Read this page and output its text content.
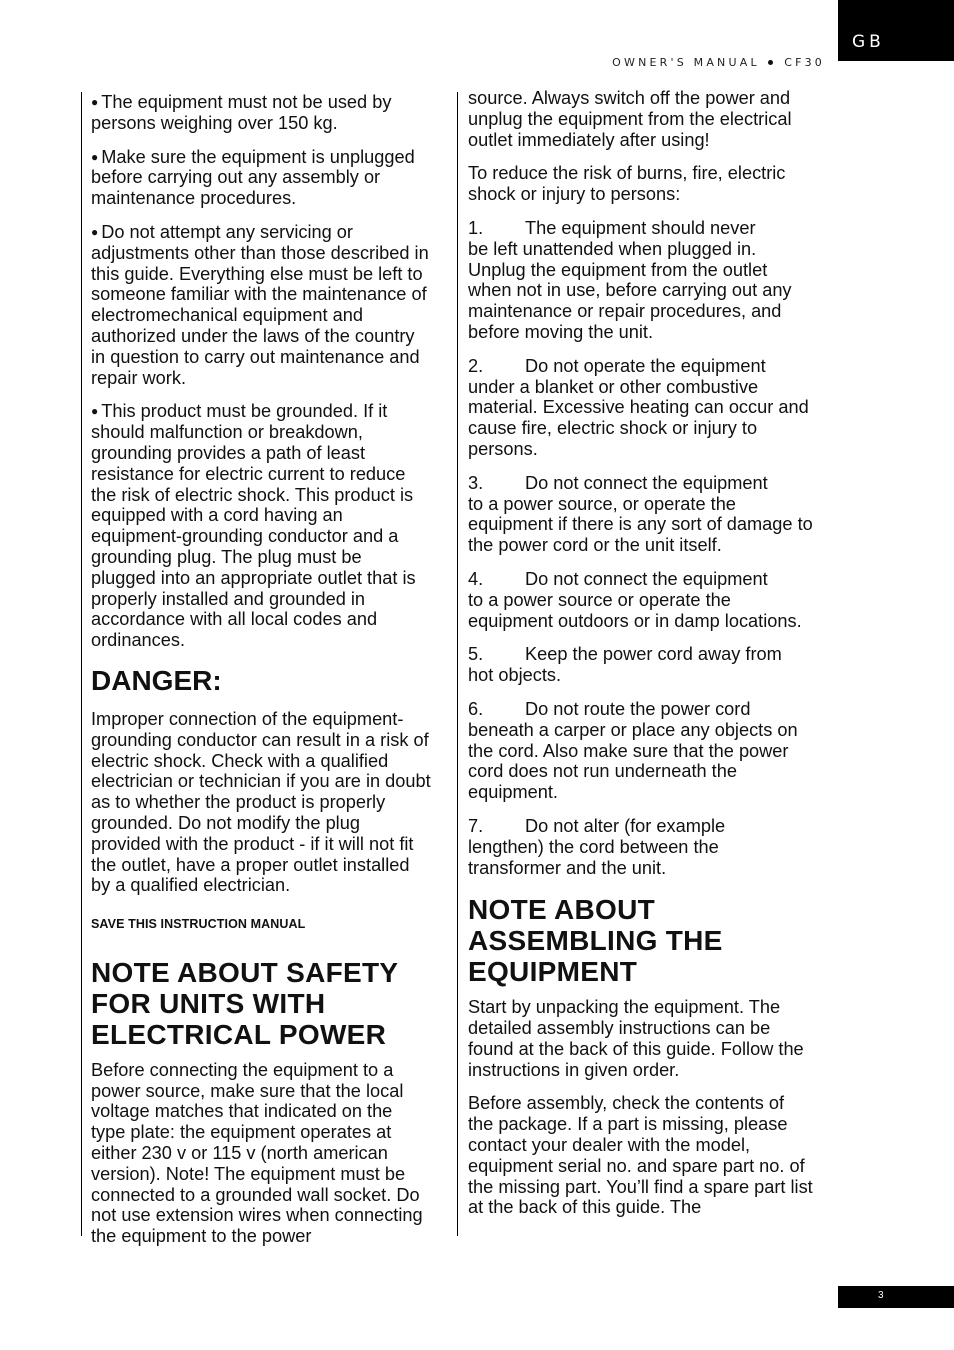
GB
OWNER'S MANUAL CF30

● The equipment must not be used by persons weighing over 150 kg.

● Make sure the equipment is unplugged before carrying out any assembly or maintenance procedures.

● Do not attempt any servicing or adjustments other than those described in this guide. Everything else must be left to someone familiar with the maintenance of electromechanical equipment and authorized under the laws of the country in question to carry out maintenance and repair work.

● This product must be grounded. If it should malfunction or breakdown, grounding provides a path of least resistance for electric current to reduce the risk of electric shock. This product is equipped with a cord having an equipment-grounding conductor and a grounding plug. The plug must be plugged into an appropriate outlet that is properly installed and grounded in accordance with all local codes and ordinances.

DANGER:

Improper connection of the equipment-grounding conductor can result in a risk of electric shock. Check with a qualified electrician or technician if you are in doubt as to whether the product is properly grounded. Do not modify the plug provided with the product - if it will not fit the outlet, have a proper outlet installed by a qualified electrician.

SAVE THIS INSTRUCTION MANUAL
NOTE ABOUT SAFETY FOR UNITS WITH ELECTRICAL POWER

Before connecting the equipment to a power source, make sure that the local voltage matches that indicated on the type plate: the equipment operates at either 230 v or 115 v (north american version). Note! The equipment must be connected to a grounded wall socket. Do not use extension wires when connecting the equipment to the power

source. Always switch off the power and unplug the equipment from the electrical outlet immediately after using!

To reduce the risk of burns, fire, electric shock or injury to persons:

1. The equipment should never
be left unattended when plugged in. Unplug the equipment from the outlet when not in use, before carrying out any maintenance or repair procedures, and before moving the unit.

2. Do not operate the equipment
under a blanket or other combustive material. Excessive heating can occur and cause fire, electric shock or injury to persons.

3. Do not connect the equipment
to a power source, or operate the equipment if there is any sort of damage to the power cord or the unit itself.

4. Do not connect the equipment
to a power source or operate the equipment outdoors or in damp locations.

5. Keep the power cord away from
hot objects.

6. Do not route the power cord
beneath a carper or place any objects on the cord. Also make sure that the power cord does not run underneath the equipment.

7. Do not alter (for example
lengthen) the cord between the transformer and the unit.

NOTE ABOUT ASSEMBLING THE EQUIPMENT

Start by unpacking the equipment. The detailed assembly instructions can be found at the back of this guide. Follow the instructions in given order.

Before assembly, check the contents of the package. If a part is missing, please contact your dealer with the model, equipment serial no. and spare part no. of the missing part. You’ll find a spare part list at the back of this guide. The

3
